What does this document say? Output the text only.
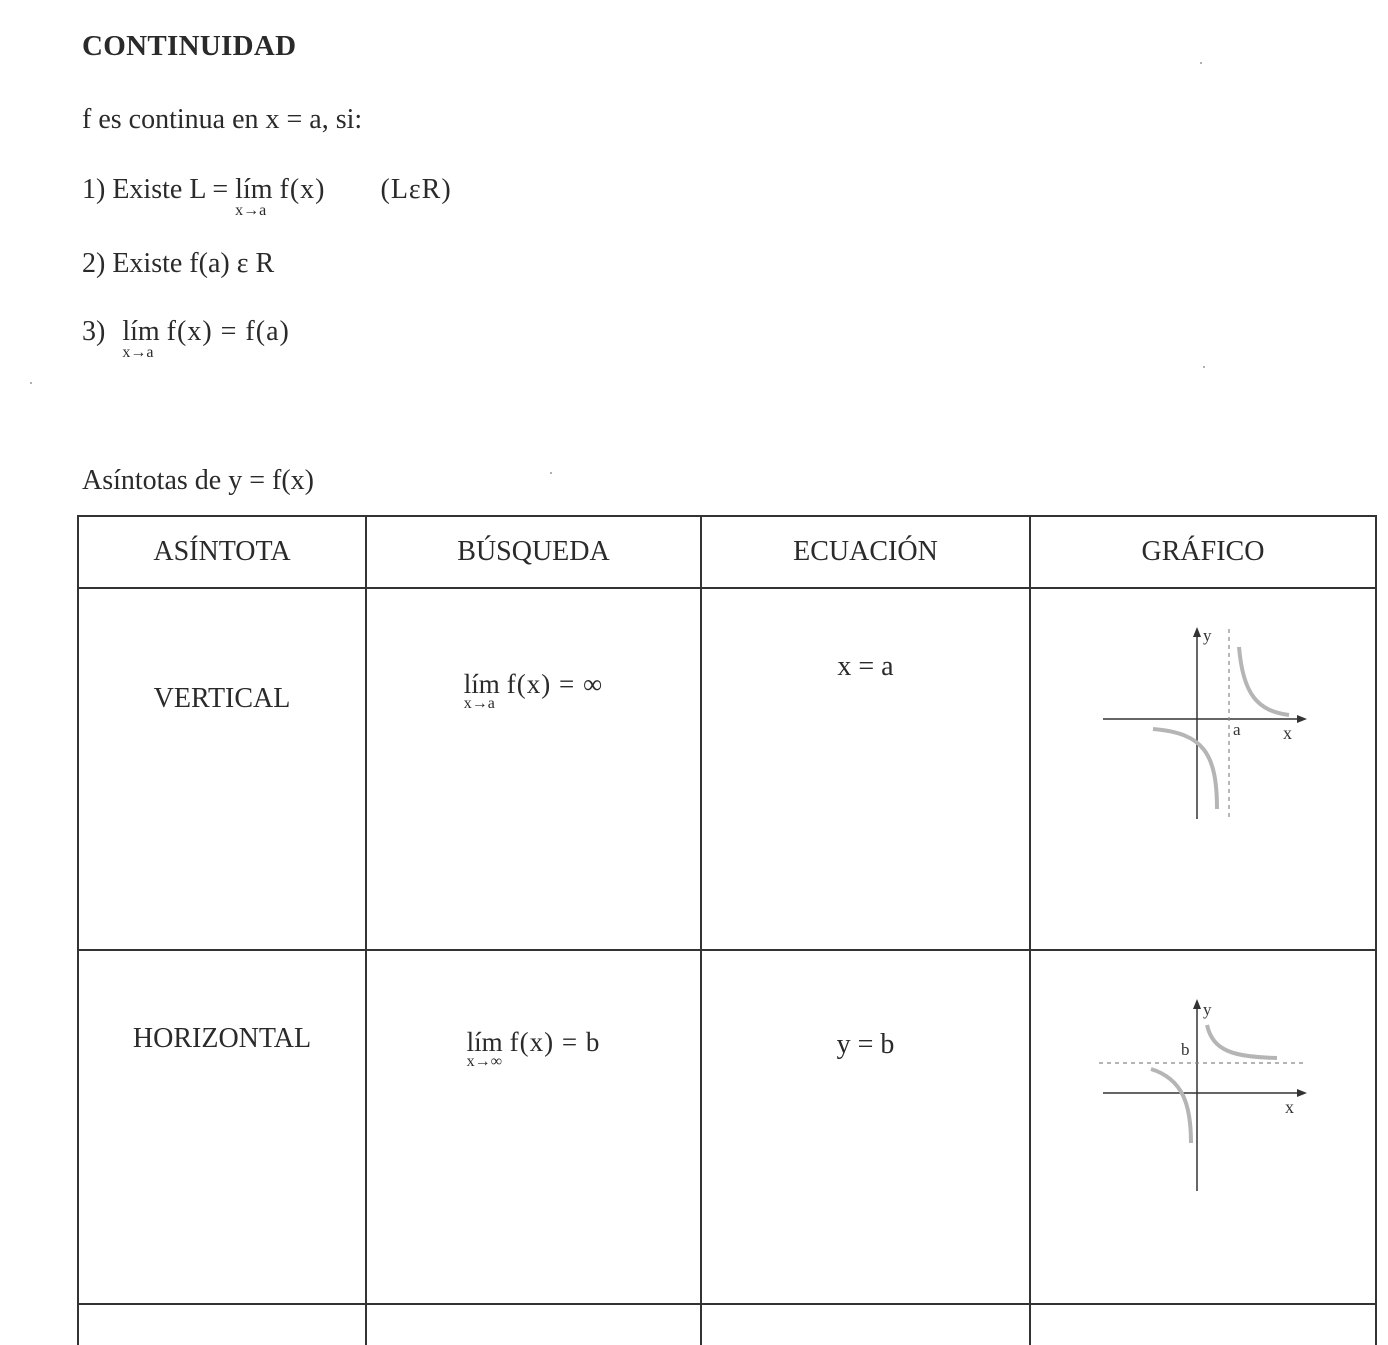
CONTINUIDAD
f es continua en x = a, si:
1) Existe L = lím
x→a
f(x) (LεR)
2) Existe f(a) ε R
3) lím
x→a
f(x) = f(a)
Asíntotas de y = f(x)
ASÍNTOTA	BÚSQUEDA	ECUACIÓN	GRÁFICO
VERTICAL	lím
x→a
f(x) = ∞	x = a	y
x
a

HORIZONTAL	lím
x→∞
f(x) = b	y = b	y
x
b
